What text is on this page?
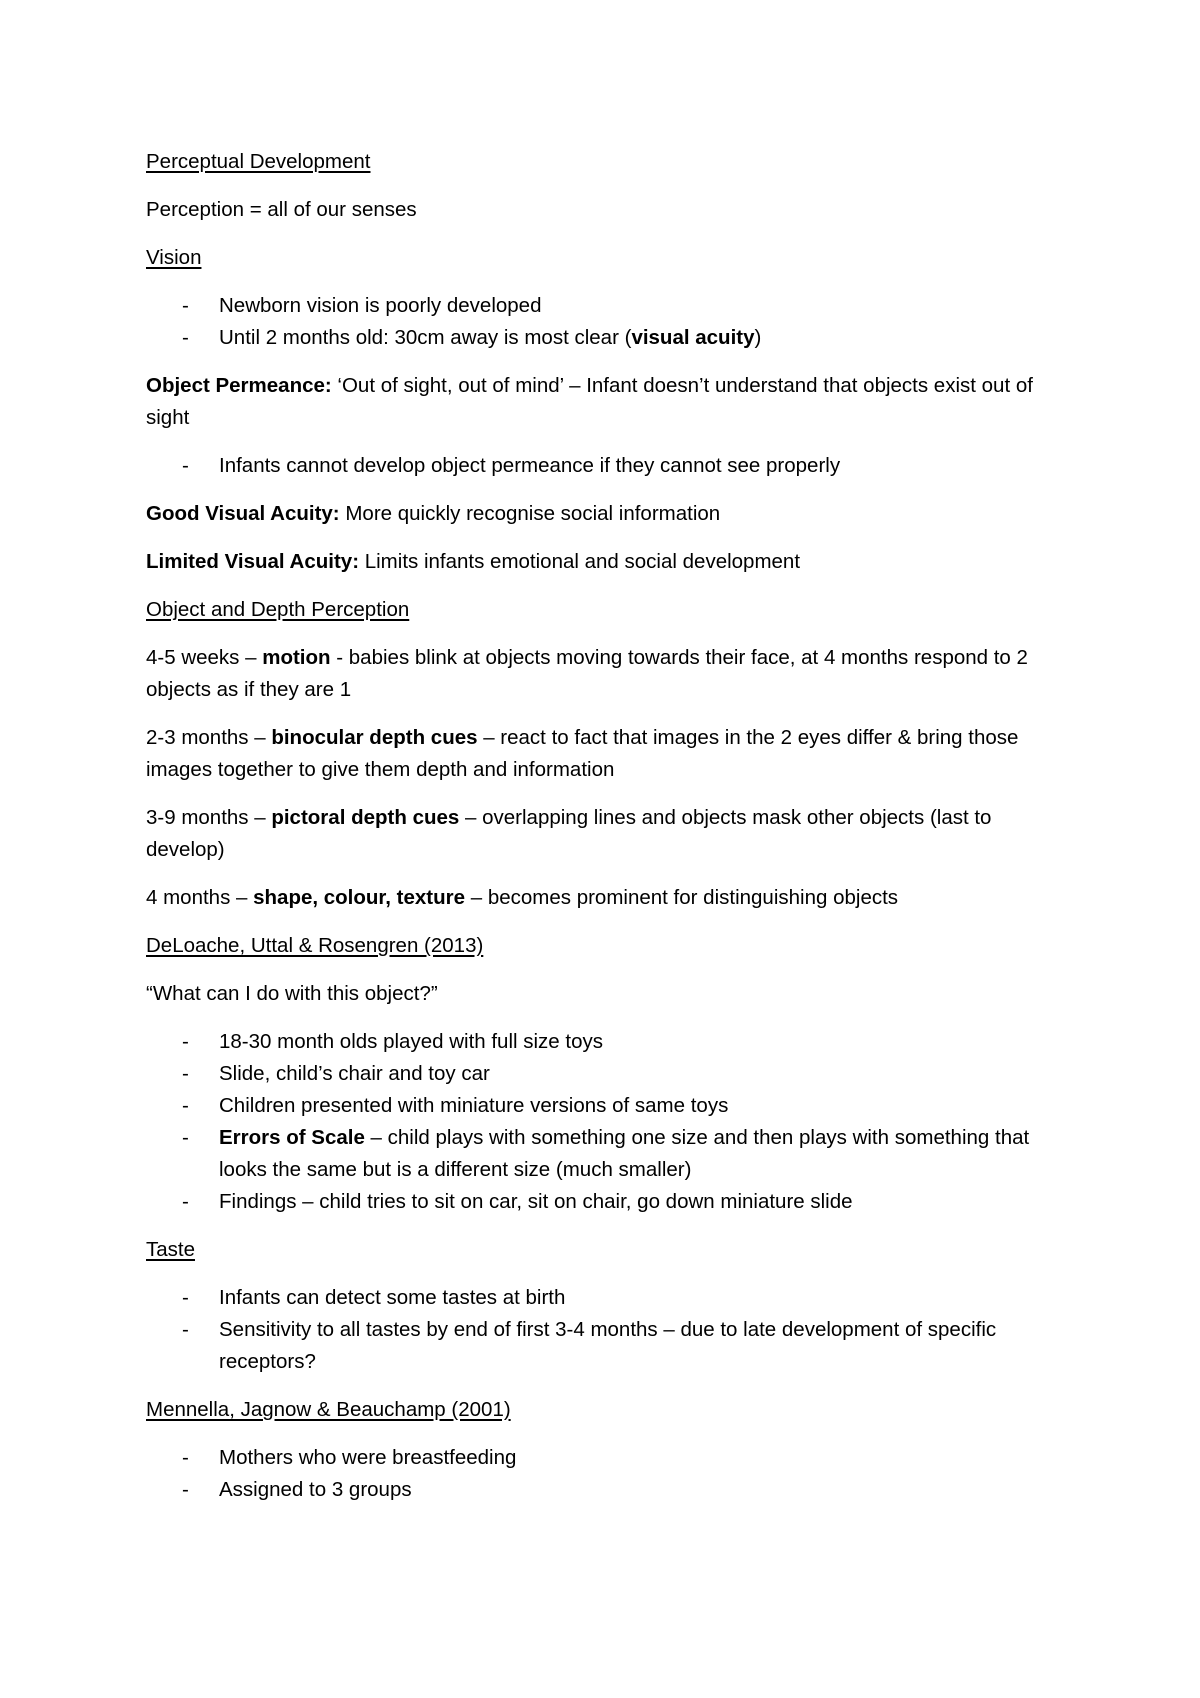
Perceptual Development

Perception = all of our senses

Vision

- Newborn vision is poorly developed
- Until 2 months old: 30cm away is most clear (visual acuity)

Object Permeance: ‘Out of sight, out of mind’ – Infant doesn’t understand that objects exist out of sight

- Infants cannot develop object permeance if they cannot see properly

Good Visual Acuity: More quickly recognise social information

Limited Visual Acuity: Limits infants emotional and social development

Object and Depth Perception

4-5 weeks – motion - babies blink at objects moving towards their face, at 4 months respond to 2 objects as if they are 1

2-3 months – binocular depth cues – react to fact that images in the 2 eyes differ & bring those images together to give them depth and information

3-9 months – pictoral depth cues – overlapping lines and objects mask other objects (last to develop)

4 months – shape, colour, texture – becomes prominent for distinguishing objects

DeLoache, Uttal & Rosengren (2013)

“What can I do with this object?”

- 18-30 month olds played with full size toys
- Slide, child’s chair and toy car
- Children presented with miniature versions of same toys
- Errors of Scale – child plays with something one size and then plays with something that looks the same but is a different size (much smaller)
- Findings – child tries to sit on car, sit on chair, go down miniature slide

Taste

- Infants can detect some tastes at birth
- Sensitivity to all tastes by end of first 3-4 months – due to late development of specific receptors?

Mennella, Jagnow & Beauchamp (2001)

- Mothers who were breastfeeding
- Assigned to 3 groups
